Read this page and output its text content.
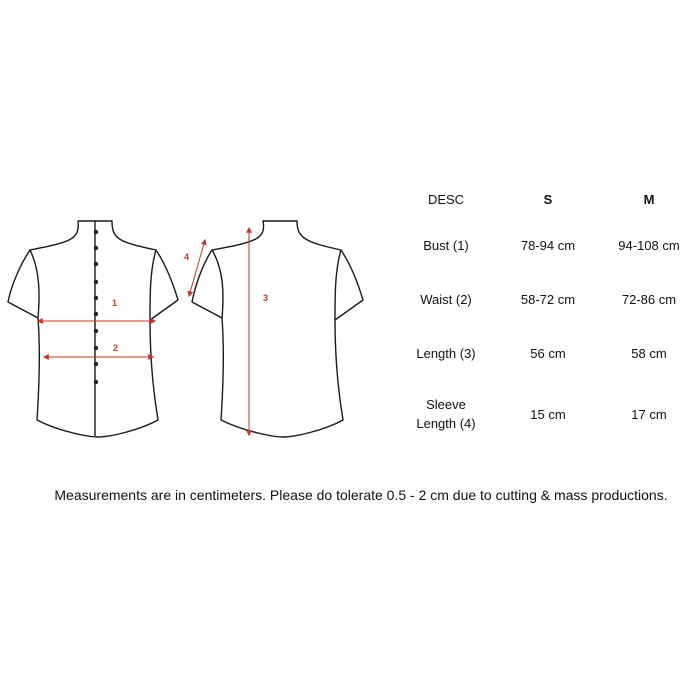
1
2
3
4
DESC	S	M
Bust (1)	78-94 cm	94-108 cm
Waist (2)	58-72 cm	72-86 cm
Length (3)	56 cm	58 cm
Sleeve
Length (4)
15 cm	17 cm
Measurements are in centimeters. Please do tolerate 0.5 - 2 cm due to cutting & mass productions.
